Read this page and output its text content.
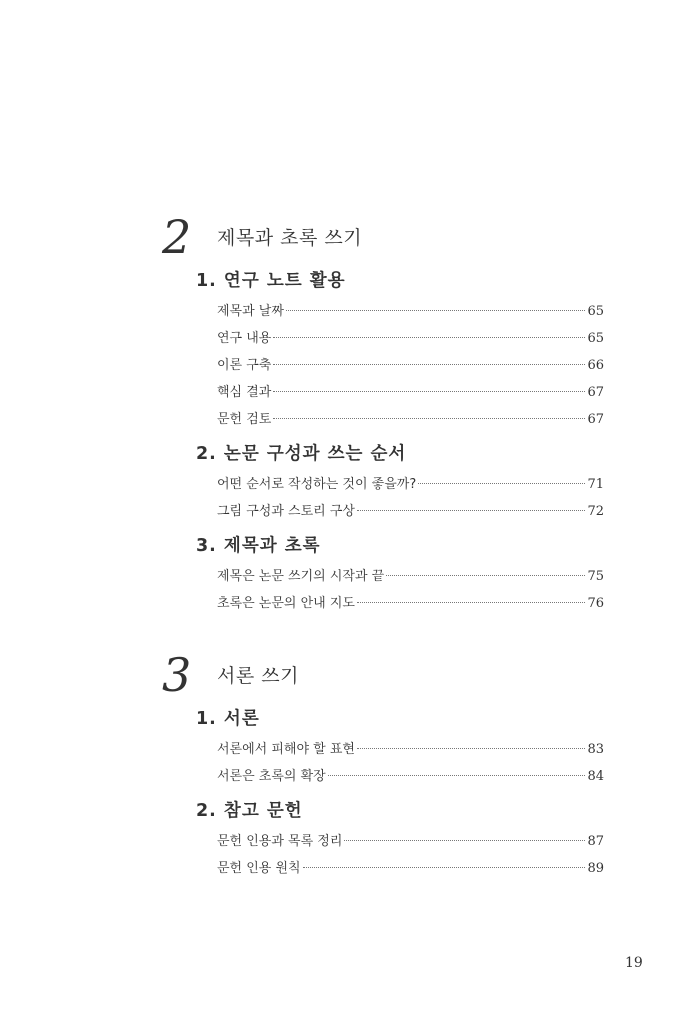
2 제목과 초록 쓰기
1. 연구 노트 활용
제목과 날짜	65
연구 내용	65
이론 구축	66
핵심 결과	67
문헌 검토	67
2. 논문 구성과 쓰는 순서
어떤 순서로 작성하는 것이 좋을까?	71
그림 구성과 스토리 구상	72
3. 제목과 초록
제목은 논문 쓰기의 시작과 끝	75
초록은 논문의 안내 지도	76
3 서론 쓰기
1. 서론
서론에서 피해야 할 표현	83
서론은 초록의 확장	84
2. 참고 문헌
문헌 인용과 목록 정리	87
문헌 인용 원칙	89
19
